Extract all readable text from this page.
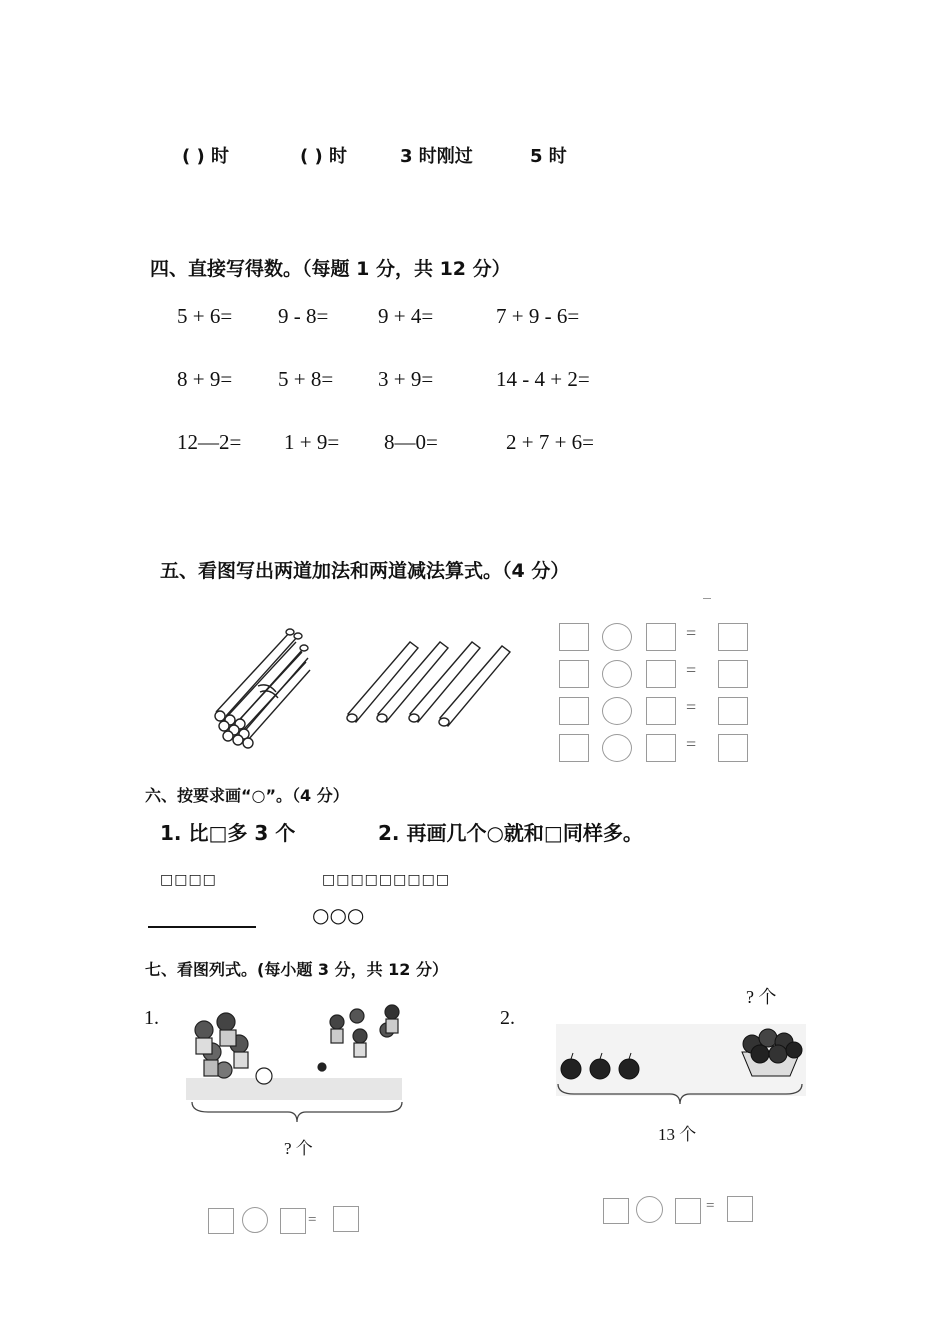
( ) 时	( ) 时	3 时刚过	5 时
四、直接写得数。（每题 1 分，共 12 分）
5 + 6= 9 - 8= 9 + 4=	7 + 9 - 6=
8 + 9= 5 + 8= 3 + 9=	14 - 4 + 2=
12—2= 1 + 9= 8—0=	2 + 7 + 6=
五、看图写出两道加法和两道减法算式。（4 分）
=
=
=
=
六、按要求画“○”。（4 分）
1. 比□多 3 个	2. 再画几个○就和□同样多。
□□□□	□□□□□□□□□
○○○
七、看图列式。(每小题 3 分，共 12 分）
1.	2.
? 个
? 个
13 个
=
=
